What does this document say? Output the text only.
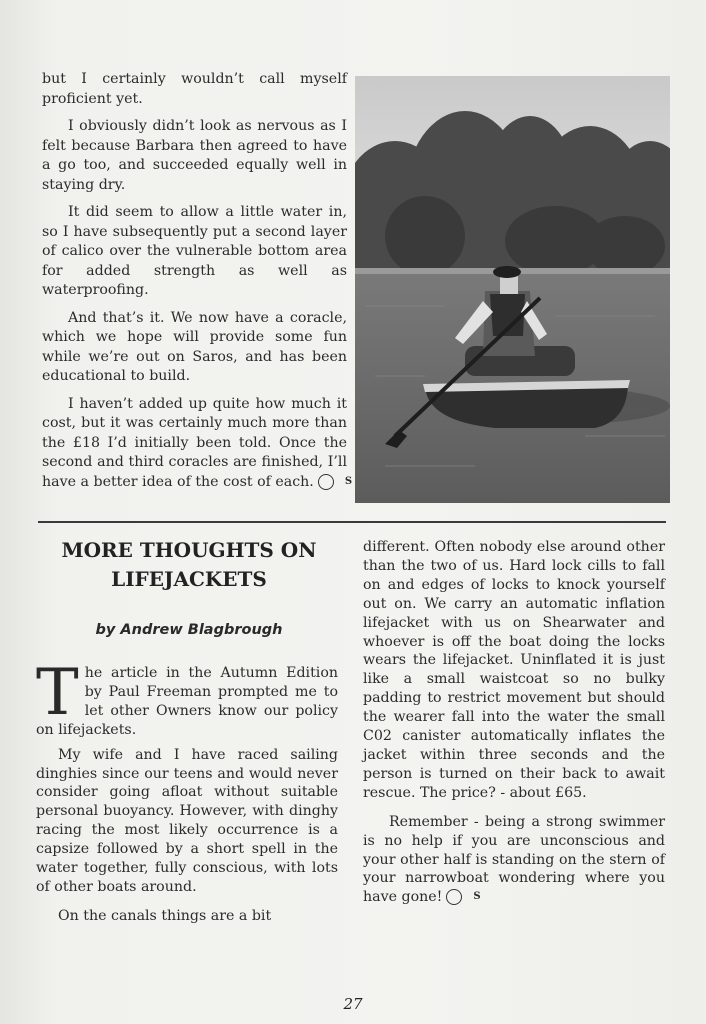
but I certainly wouldn’t call myself proficient yet.

I obviously didn’t look as nervous as I felt because Barbara then agreed to have a go too, and succeeded equally well in staying dry.

It did seem to allow a little water in, so I have subsequently put a second layer of calico over the vulnerable bottom area for added strength as well as waterproofing.

And that’s it. We now have a coracle, which we hope will provide some fun while we’re out on Saros, and has been educational to build.

I haven’t added up quite how much it cost, but it was certainly much more than the £18 I’d initially been told. Once the second and third coracles are finished, I’ll have a better idea of the cost of each.	S

MORE THOUGHTS ON LIFEJACKETS
by Andrew Blagbrough

The article in the Autumn Edition by Paul Freeman prompted me to let other Owners know our policy on lifejackets.

My wife and I have raced sailing dinghies since our teens and would never consider going afloat without suitable personal buoyancy. However, with dinghy racing the most likely occurrence is a capsize followed by a short spell in the water together, fully conscious, with lots of other boats around.

On the canals things are a bit

different. Often nobody else around other than the two of us. Hard lock cills to fall on and edges of locks to knock yourself out on. We carry an automatic inflation lifejacket with us on Shearwater and whoever is off the boat doing the locks wears the lifejacket. Uninflated it is just like a small waistcoat so no bulky padding to restrict movement but should the wearer fall into the water the small C02 canister automatically inflates the jacket within three seconds and the person is turned on their back to await rescue. The price? - about £65.

Remember - being a strong swimmer is no help if you are unconscious and your other half is standing on the stern of your narrowboat wondering where you have gone!	S

27
